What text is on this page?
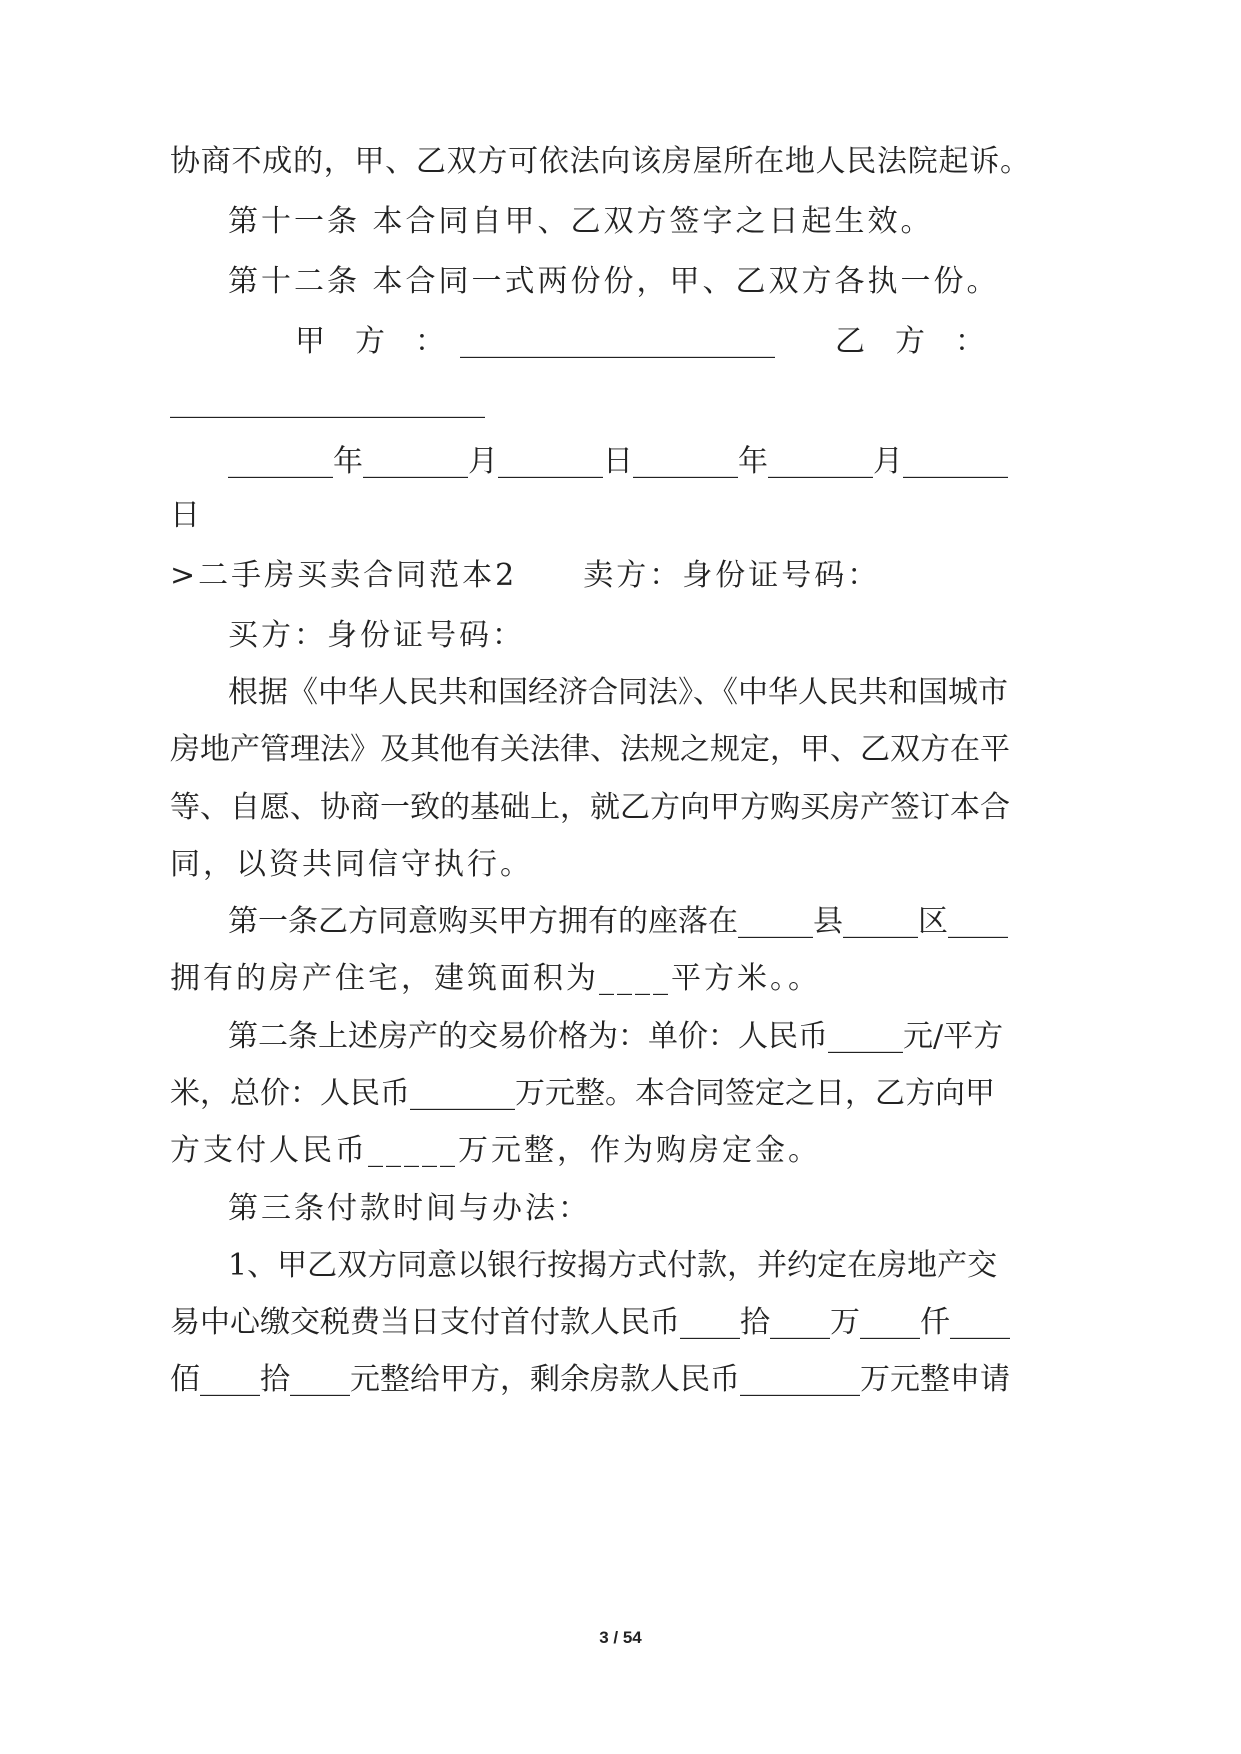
协商不成的，甲、乙双方可依法向该房屋所在地人民法院起诉。

第十一条 本合同自甲、乙双方签字之日起生效。

第十二条 本合同一式两份份，甲、乙双方各执一份。

甲　方　：　_____________________　　乙　方　：

_____________________

_______年_______月_______日_______年_______月_______

日

>二手房买卖合同范本2　　卖方：身份证号码：

买方：身份证号码：

根据《中华人民共和国经济合同法》、《中华人民共和国城市

房地产管理法》及其他有关法律、法规之规定，甲、乙双方在平

等、自愿、协商一致的基础上，就乙方向甲方购买房产签订本合

同，以资共同信守执行。

第一条乙方同意购买甲方拥有的座落在_____县_____区____

拥有的房产住宅，建筑面积为____平方米。。

第二条上述房产的交易价格为：单价：人民币_____元/平方

米，总价：人民币_______万元整。本合同签定之日，乙方向甲

方支付人民币_____万元整，作为购房定金。

第三条付款时间与办法：

1、甲乙双方同意以银行按揭方式付款，并约定在房地产交

易中心缴交税费当日支付首付款人民币____拾____万____仟____

佰____拾____元整给甲方，剩余房款人民币________万元整申请

3 / 54
